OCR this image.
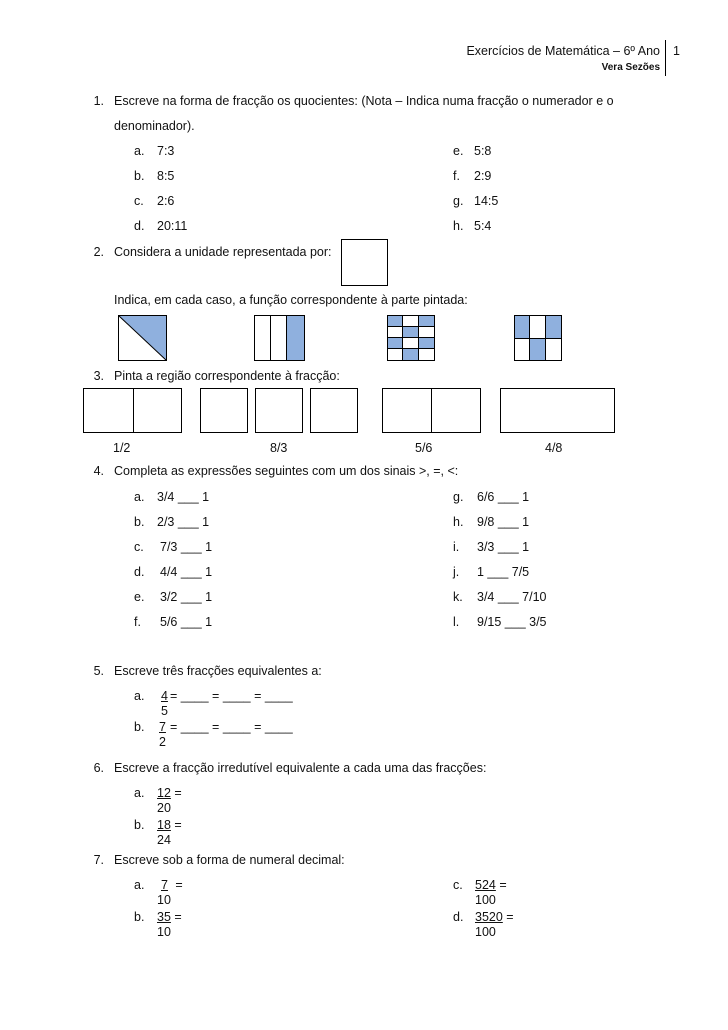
Exercícios de Matemática – 6º Ano
Vera Sezões
1
1. Escreve na forma de fracção os quocientes: (Nota – Indica numa fracção o numerador e o
denominador).
a. 7:3
b. 8:5
c. 2:6
d. 20:11
e. 5:8
f. 2:9
g. 14:5
h. 5:4
2. Considera a unidade representada por:
Indica, em cada caso, a função correspondente à parte pintada:
3. Pinta a região correspondente à fracção:
1/2	8/3	5/6	4/8
4. Completa as expressões seguintes com um dos sinais >, =, <:
a. 3/4 ___ 1
b. 2/3 ___ 1
c. 7/3 ___ 1
d. 4/4 ___ 1
e. 3/2 ___ 1
f. 5/6 ___ 1
g. 6/6 ___ 1
h. 9/8 ___ 1
i. 3/3 ___ 1
j. 1 ___ 7/5
k. 3/4 ___ 7/10
l. 9/15 ___ 3/5
5. Escreve três fracções equivalentes a:
a. $\frac{4}{5}$ = ____ = ____ = ____
b. $\frac{7}{2}$ = ____ = ____ = ____
6. Escreve a fracção irredutível equivalente a cada uma das fracções:
a. 12 =
20
b. 18 =
24
7. Escreve sob a forma de numeral decimal:
a.	7 =
10
b. 35 =
10
c. 524 =
100
d. 3520 =
100
